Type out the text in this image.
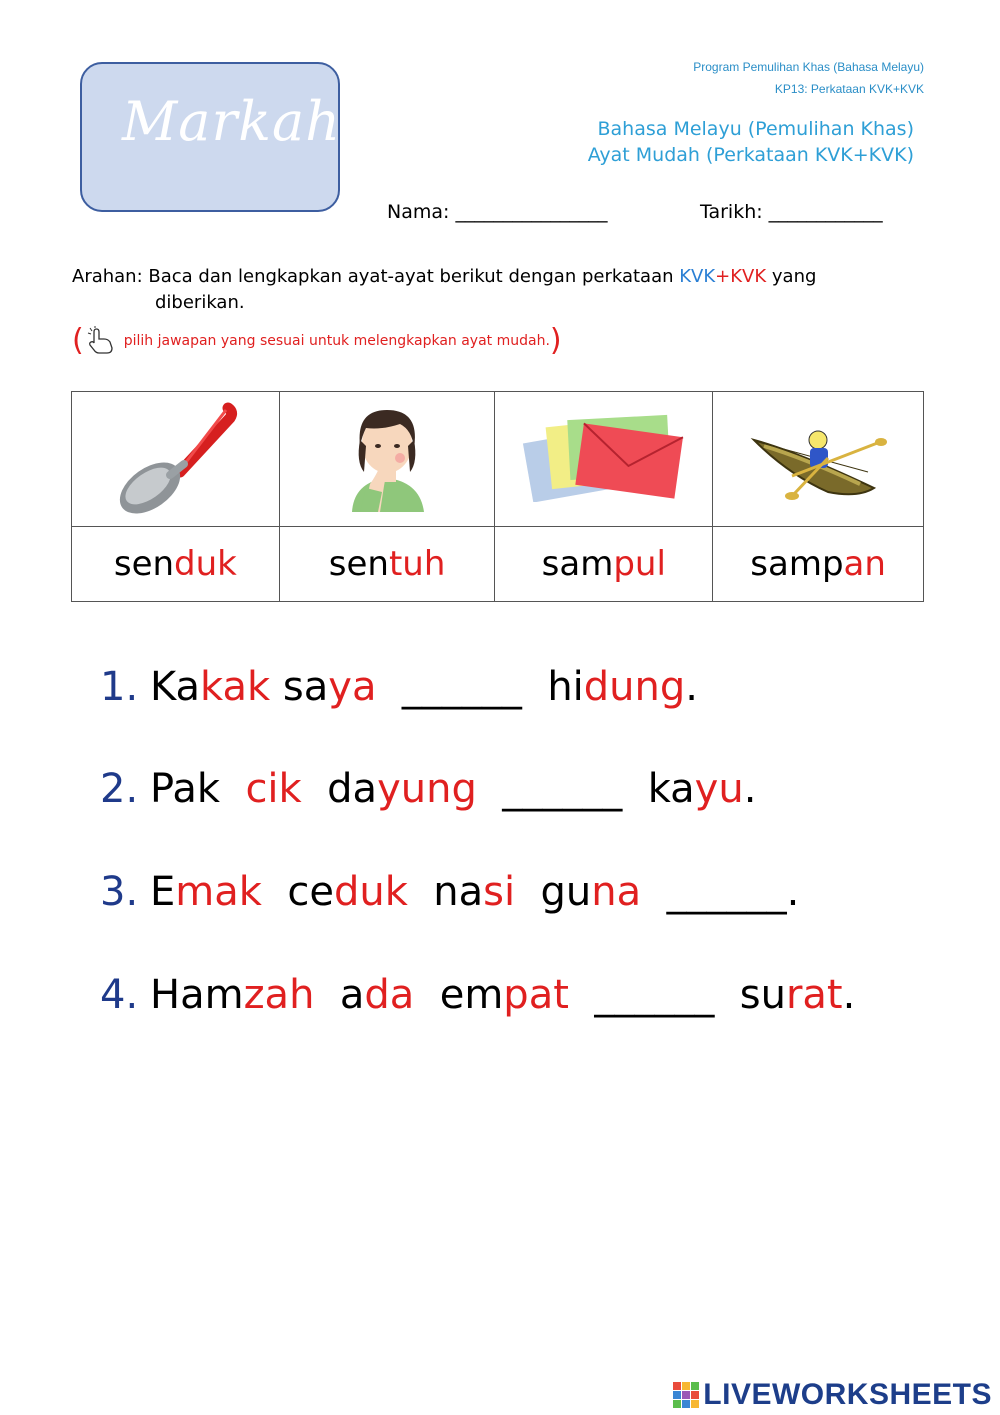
Markah
Program Pemulihan Khas (Bahasa Melayu)
KP13: Perkataan KVK+KVK
Bahasa Melayu (Pemulihan Khas)
Ayat Mudah (Perkataan KVK+KVK)
Nama: ________________	Tarikh: ____________
Arahan: Baca dan lengkapkan ayat-ayat berikut dengan perkataan KVK+KVK yang
diberikan.
(	pilih jawapan yang sesuai untuk melengkapkan ayat mudah. )

senduk	sentuh	sampul	sampan
1. Kakak saya  ______  hidung.
2. Pak  cik  dayung  ______  kayu.
3. Emak  ceduk  nasi  guna  ______.
4. Hamzah  ada  empat  ______  surat.
LIVEWORKSHEETS
